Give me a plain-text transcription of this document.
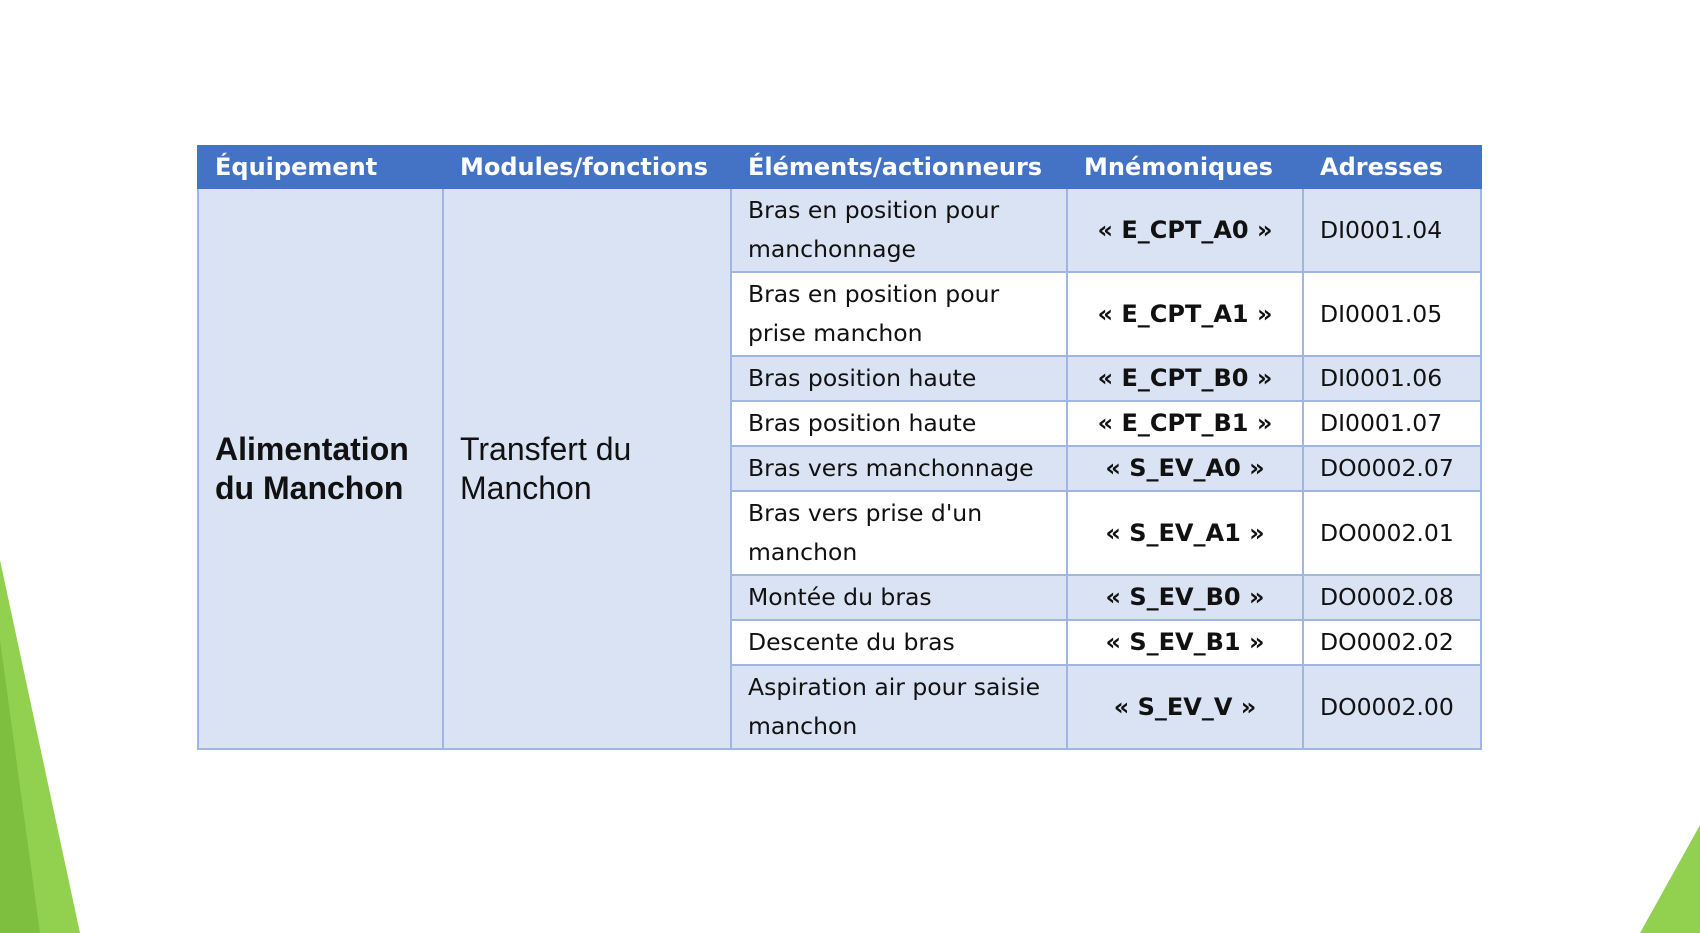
Équipement	Modules/fonctions	Éléments/actionneurs	Mnémoniques	Adresses
Alimentation du Manchon	Transfert du Manchon	Bras en position pour manchonnage	« E_CPT_A0 »	DI0001.04
		Bras en position pour prise manchon	« E_CPT_A1 »	DI0001.05
		Bras position haute	« E_CPT_B0 »	DI0001.06
		Bras position haute	« E_CPT_B1 »	DI0001.07
		Bras vers manchonnage	« S_EV_A0 »	DO0002.07
		Bras vers prise d'un manchon	« S_EV_A1 »	DO0002.01
		Montée du bras	« S_EV_B0 »	DO0002.08
		Descente du bras	« S_EV_B1 »	DO0002.02
		Aspiration air pour saisie manchon	« S_EV_V »	DO0002.00
